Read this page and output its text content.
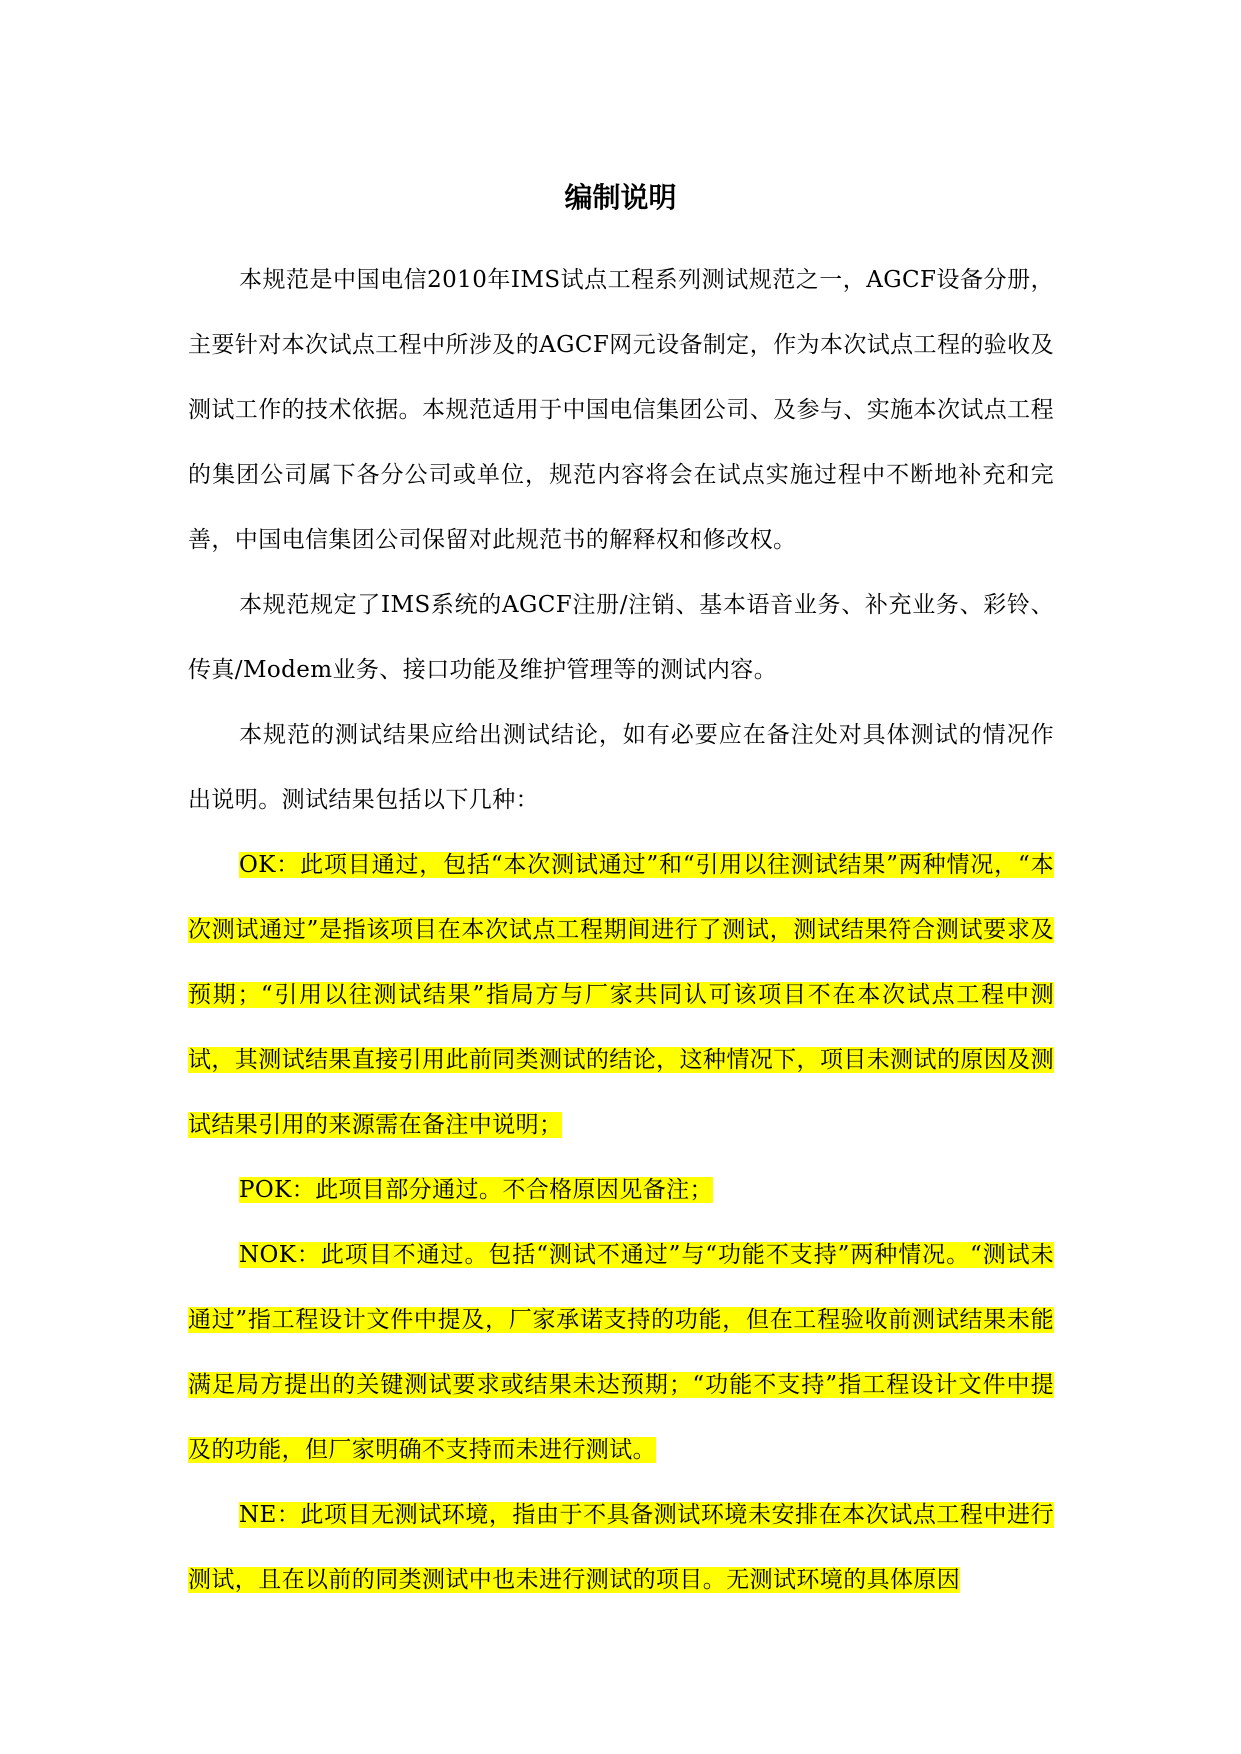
编制说明

本规范是中国电信2010年IMS试点工程系列测试规范之一，AGCF设备分册，主要针对本次试点工程中所涉及的AGCF网元设备制定，作为本次试点工程的验收及测试工作的技术依据。本规范适用于中国电信集团公司、及参与、实施本次试点工程的集团公司属下各分公司或单位，规范内容将会在试点实施过程中不断地补充和完善，中国电信集团公司保留对此规范书的解释权和修改权。

本规范规定了IMS系统的AGCF注册/注销、基本语音业务、补充业务、彩铃、传真/Modem业务、接口功能及维护管理等的测试内容。

本规范的测试结果应给出测试结论，如有必要应在备注处对具体测试的情况作出说明。测试结果包括以下几种：

OK：此项目通过，包括“本次测试通过”和“引用以往测试结果”两种情况，“本次测试通过”是指该项目在本次试点工程期间进行了测试，测试结果符合测试要求及预期；“引用以往测试结果”指局方与厂家共同认可该项目不在本次试点工程中测试，其测试结果直接引用此前同类测试的结论，这种情况下，项目未测试的原因及测试结果引用的来源需在备注中说明；

POK：此项目部分通过。不合格原因见备注；

NOK：此项目不通过。包括“测试不通过”与“功能不支持”两种情况。“测试未通过”指工程设计文件中提及，厂家承诺支持的功能，但在工程验收前测试结果未能满足局方提出的关键测试要求或结果未达预期；“功能不支持”指工程设计文件中提及的功能，但厂家明确不支持而未进行测试。

NE：此项目无测试环境，指由于不具备测试环境未安排在本次试点工程中进行测试，且在以前的同类测试中也未进行测试的项目。无测试环境的具体原因
